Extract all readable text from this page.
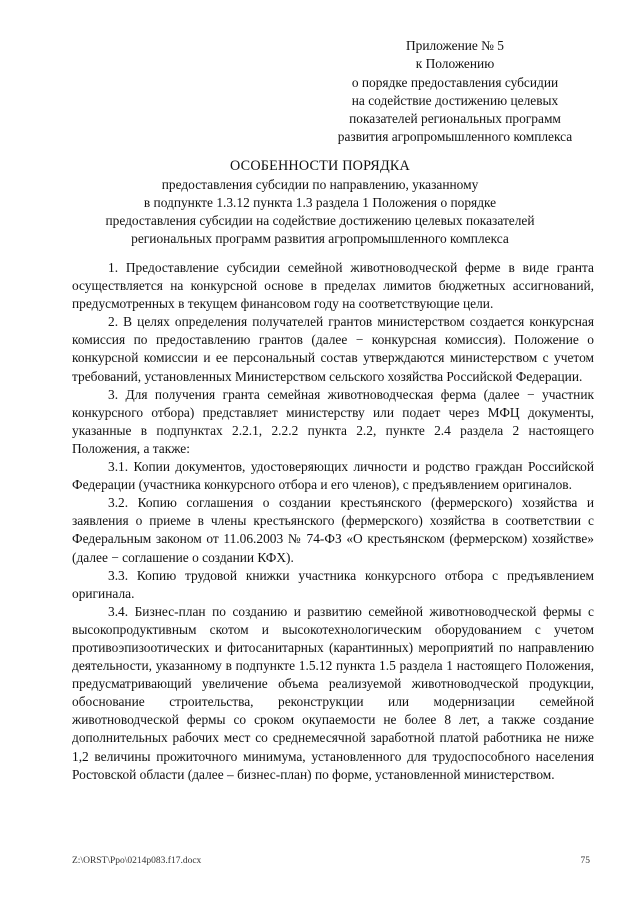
Приложение № 5
к Положению
о порядке предоставления субсидии
на содействие достижению целевых
показателей региональных программ
развития агропромышленного комплекса
ОСОБЕННОСТИ ПОРЯДКА
предоставления субсидии по направлению, указанному
в подпункте 1.3.12 пункта 1.3 раздела 1 Положения о порядке
предоставления субсидии на содействие достижению целевых показателей
региональных программ развития агропромышленного комплекса

1. Предоставление субсидии семейной животноводческой ферме в виде гранта осуществляется на конкурсной основе в пределах лимитов бюджетных ассигнований, предусмотренных в текущем финансовом году на соответствующие цели.

2. В целях определения получателей грантов министерством создается конкурсная комиссия по предоставлению грантов (далее − конкурсная комиссия). Положение о конкурсной комиссии и ее персональный состав утверждаются министерством с учетом требований, установленных Министерством сельского хозяйства Российской Федерации.

3. Для получения гранта семейная животноводческая ферма (далее − участник конкурсного отбора) представляет министерству или подает через МФЦ документы, указанные в подпунктах 2.2.1, 2.2.2 пункта 2.2, пункте 2.4 раздела 2 настоящего Положения, а также:

3.1. Копии документов, удостоверяющих личности и родство граждан Российской Федерации (участника конкурсного отбора и его членов), с предъявлением оригиналов.

3.2. Копию соглашения о создании крестьянского (фермерского) хозяйства и заявления о приеме в члены крестьянского (фермерского) хозяйства в соответствии с Федеральным законом от 11.06.2003 № 74-ФЗ «О крестьянском (фермерском) хозяйстве» (далее − соглашение о создании КФХ).

3.3. Копию трудовой книжки участника конкурсного отбора с предъявлением оригинала.

3.4. Бизнес-план по созданию и развитию семейной животноводческой фермы с высокопродуктивным скотом и высокотехнологическим оборудованием с учетом противоэпизоотических и фитосанитарных (карантинных) мероприятий по направлению деятельности, указанному в подпункте 1.5.12 пункта 1.5 раздела 1 настоящего Положения, предусматривающий увеличение объема реализуемой животноводческой продукции, обоснование строительства, реконструкции или модернизации семейной животноводческой фермы со сроком окупаемости не более 8 лет, а также создание дополнительных рабочих мест со среднемесячной заработной платой работника не ниже 1,2 величины прожиточного минимума, установленного для трудоспособного населения Ростовской области (далее – бизнес-план) по форме, установленной министерством.

Z:\ORST\Ppo\0214p083.f17.docx	75
